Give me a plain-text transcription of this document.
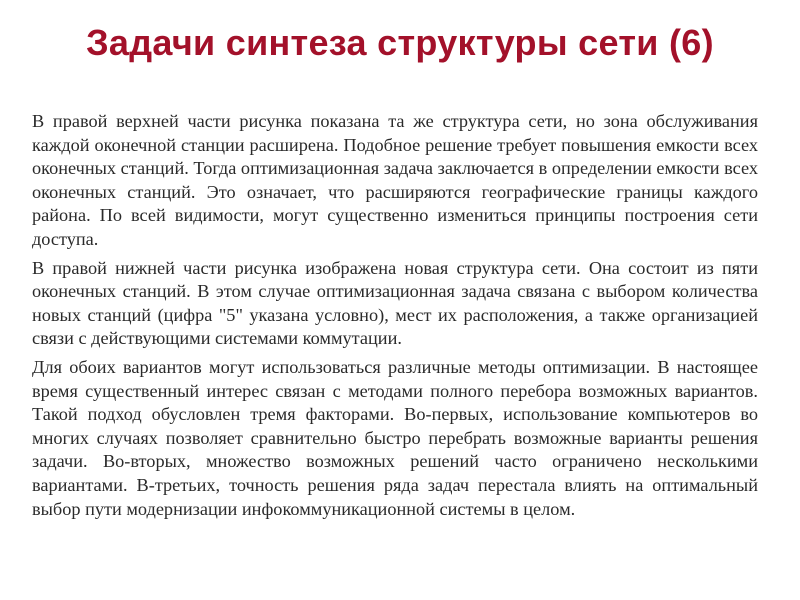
Задачи синтеза структуры сети (6)

В правой верхней части рисунка показана та же структура сети, но зона обслуживания каждой оконечной станции расширена. Подобное решение требует повышения емкости всех оконечных станций. Тогда оптимизационная задача заключается в определении емкости всех оконечных станций. Это означает, что расширяются географические границы каждого района. По всей видимости, могут существенно измениться принципы построения сети доступа.

В правой нижней части рисунка изображена новая структура сети. Она состоит из пяти оконечных станций. В этом случае оптимизационная задача связана с выбором количества новых станций (цифра "5" указана условно), мест их расположения, а также организацией связи с действующими системами коммутации.

Для обоих вариантов могут использоваться различные методы оптимизации. В настоящее время существенный интерес связан с методами полного перебора возможных вариантов. Такой подход обусловлен тремя факторами. Во-первых, использование компьютеров во многих случаях позволяет сравнительно быстро перебрать возможные варианты решения задачи. Во-вторых, множество возможных решений часто ограничено несколькими вариантами. В-третьих, точность решения ряда задач перестала влиять на оптимальный выбор пути модернизации инфокоммуникационной системы в целом.
